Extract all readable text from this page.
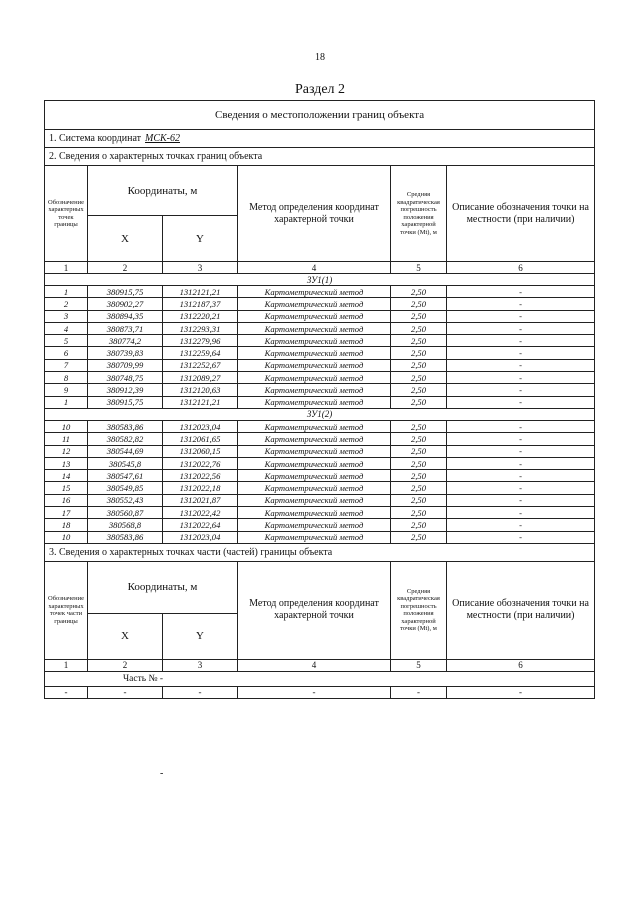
18
Раздел 2
Сведения о местоположении границ объекта					
1. Система координат МСК-62					
2. Сведения о характерных точках границ объекта					
Обозначение характерных точек границы	Координаты, м		Метод определения координат характерной точки	Средняя квадратическая погрешность положения характерной точки (Mt), м	Описание обозначения точки на местности (при наличии)
	X	Y			
1	2	3	4	5	6
ЗУ1(1)					
1	380915,75	1312121,21	Картометрический метод	2,50	-
2	380902,27	1312187,37	Картометрический метод	2,50	-
3	380894,35	1312220,21	Картометрический метод	2,50	-
4	380873,71	1312293,31	Картометрический метод	2,50	-
5	380774,2	1312279,96	Картометрический метод	2,50	-
6	380739,83	1312259,64	Картометрический метод	2,50	-
7	380709,99	1312252,67	Картометрический метод	2,50	-
8	380748,75	1312089,27	Картометрический метод	2,50	-
9	380912,39	1312120,63	Картометрический метод	2,50	-
1	380915,75	1312121,21	Картометрический метод	2,50	-
ЗУ1(2)					
10	380583,86	1312023,04	Картометрический метод	2,50	-
11	380582,82	1312061,65	Картометрический метод	2,50	-
12	380544,69	1312060,15	Картометрический метод	2,50	-
13	380545,8	1312022,76	Картометрический метод	2,50	-
14	380547,61	1312022,56	Картометрический метод	2,50	-
15	380549,85	1312022,18	Картометрический метод	2,50	-
16	380552,43	1312021,87	Картометрический метод	2,50	-
17	380560,87	1312022,42	Картометрический метод	2,50	-
18	380568,8	1312022,64	Картометрический метод	2,50	-
10	380583,86	1312023,04	Картометрический метод	2,50	-
3. Сведения о характерных точках части (частей) границы объекта					
Обозначение характерных точек части границы	Координаты, м		Метод определения координат характерной точки	Средняя квадратическая погрешность положения характерной точки (Mt), м	Описание обозначения точки на местности (при наличии)
	X	Y			
1	2	3	4	5	6
Часть № -					
-	-	-	-	-	-
-
